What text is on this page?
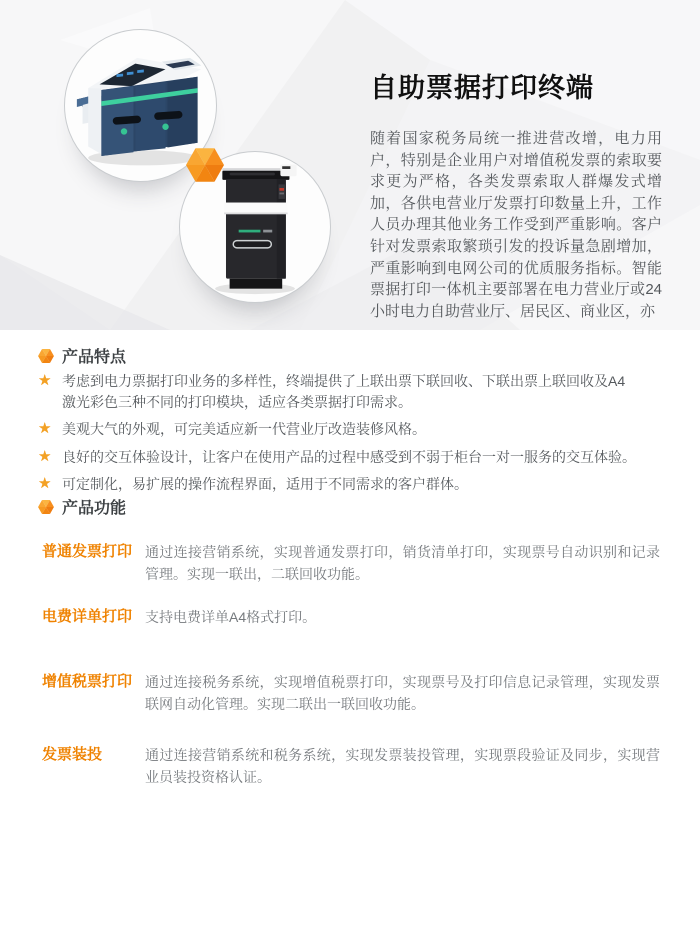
自助票据打印终端

随着国家税务局统一推进营改增，电力用户，特别是企业用户对增值税发票的索取要求更为严格，各类发票索取人群爆发式增加，各供电营业厅发票打印数量上升，工作人员办理其他业务工作受到严重影响。客户针对发票索取繁琐引发的投诉量急剧增加，严重影响到电网公司的优质服务指标。智能票据打印一体机主要部署在电力营业厅或24小时电力自助营业厅、居民区、商业区，亦

产品特点
★ 考虑到电力票据打印业务的多样性，终端提供了上联出票下联回收、下联出票上联回收及A4激光彩色三种不同的打印模块，适应各类票据打印需求。
★ 美观大气的外观，可完美适应新一代营业厅改造装修风格。
★ 良好的交互体验设计，让客户在使用产品的过程中感受到不弱于柜台一对一服务的交互体验。
★ 可定制化，易扩展的操作流程界面，适用于不同需求的客户群体。
产品功能
普通发票打印 通过连接营销系统，实现普通发票打印，销货清单打印，实现票号自动识别和记录管理。实现一联出，二联回收功能。
电费详单打印 支持电费详单A4格式打印。
增值税票打印 通过连接税务系统，实现增值税票打印，实现票号及打印信息记录管理，实现发票联网自动化管理。实现二联出一联回收功能。
发票装投	通过连接营销系统和税务系统，实现发票装投管理，实现票段验证及同步，实现营业员装投资格认证。
